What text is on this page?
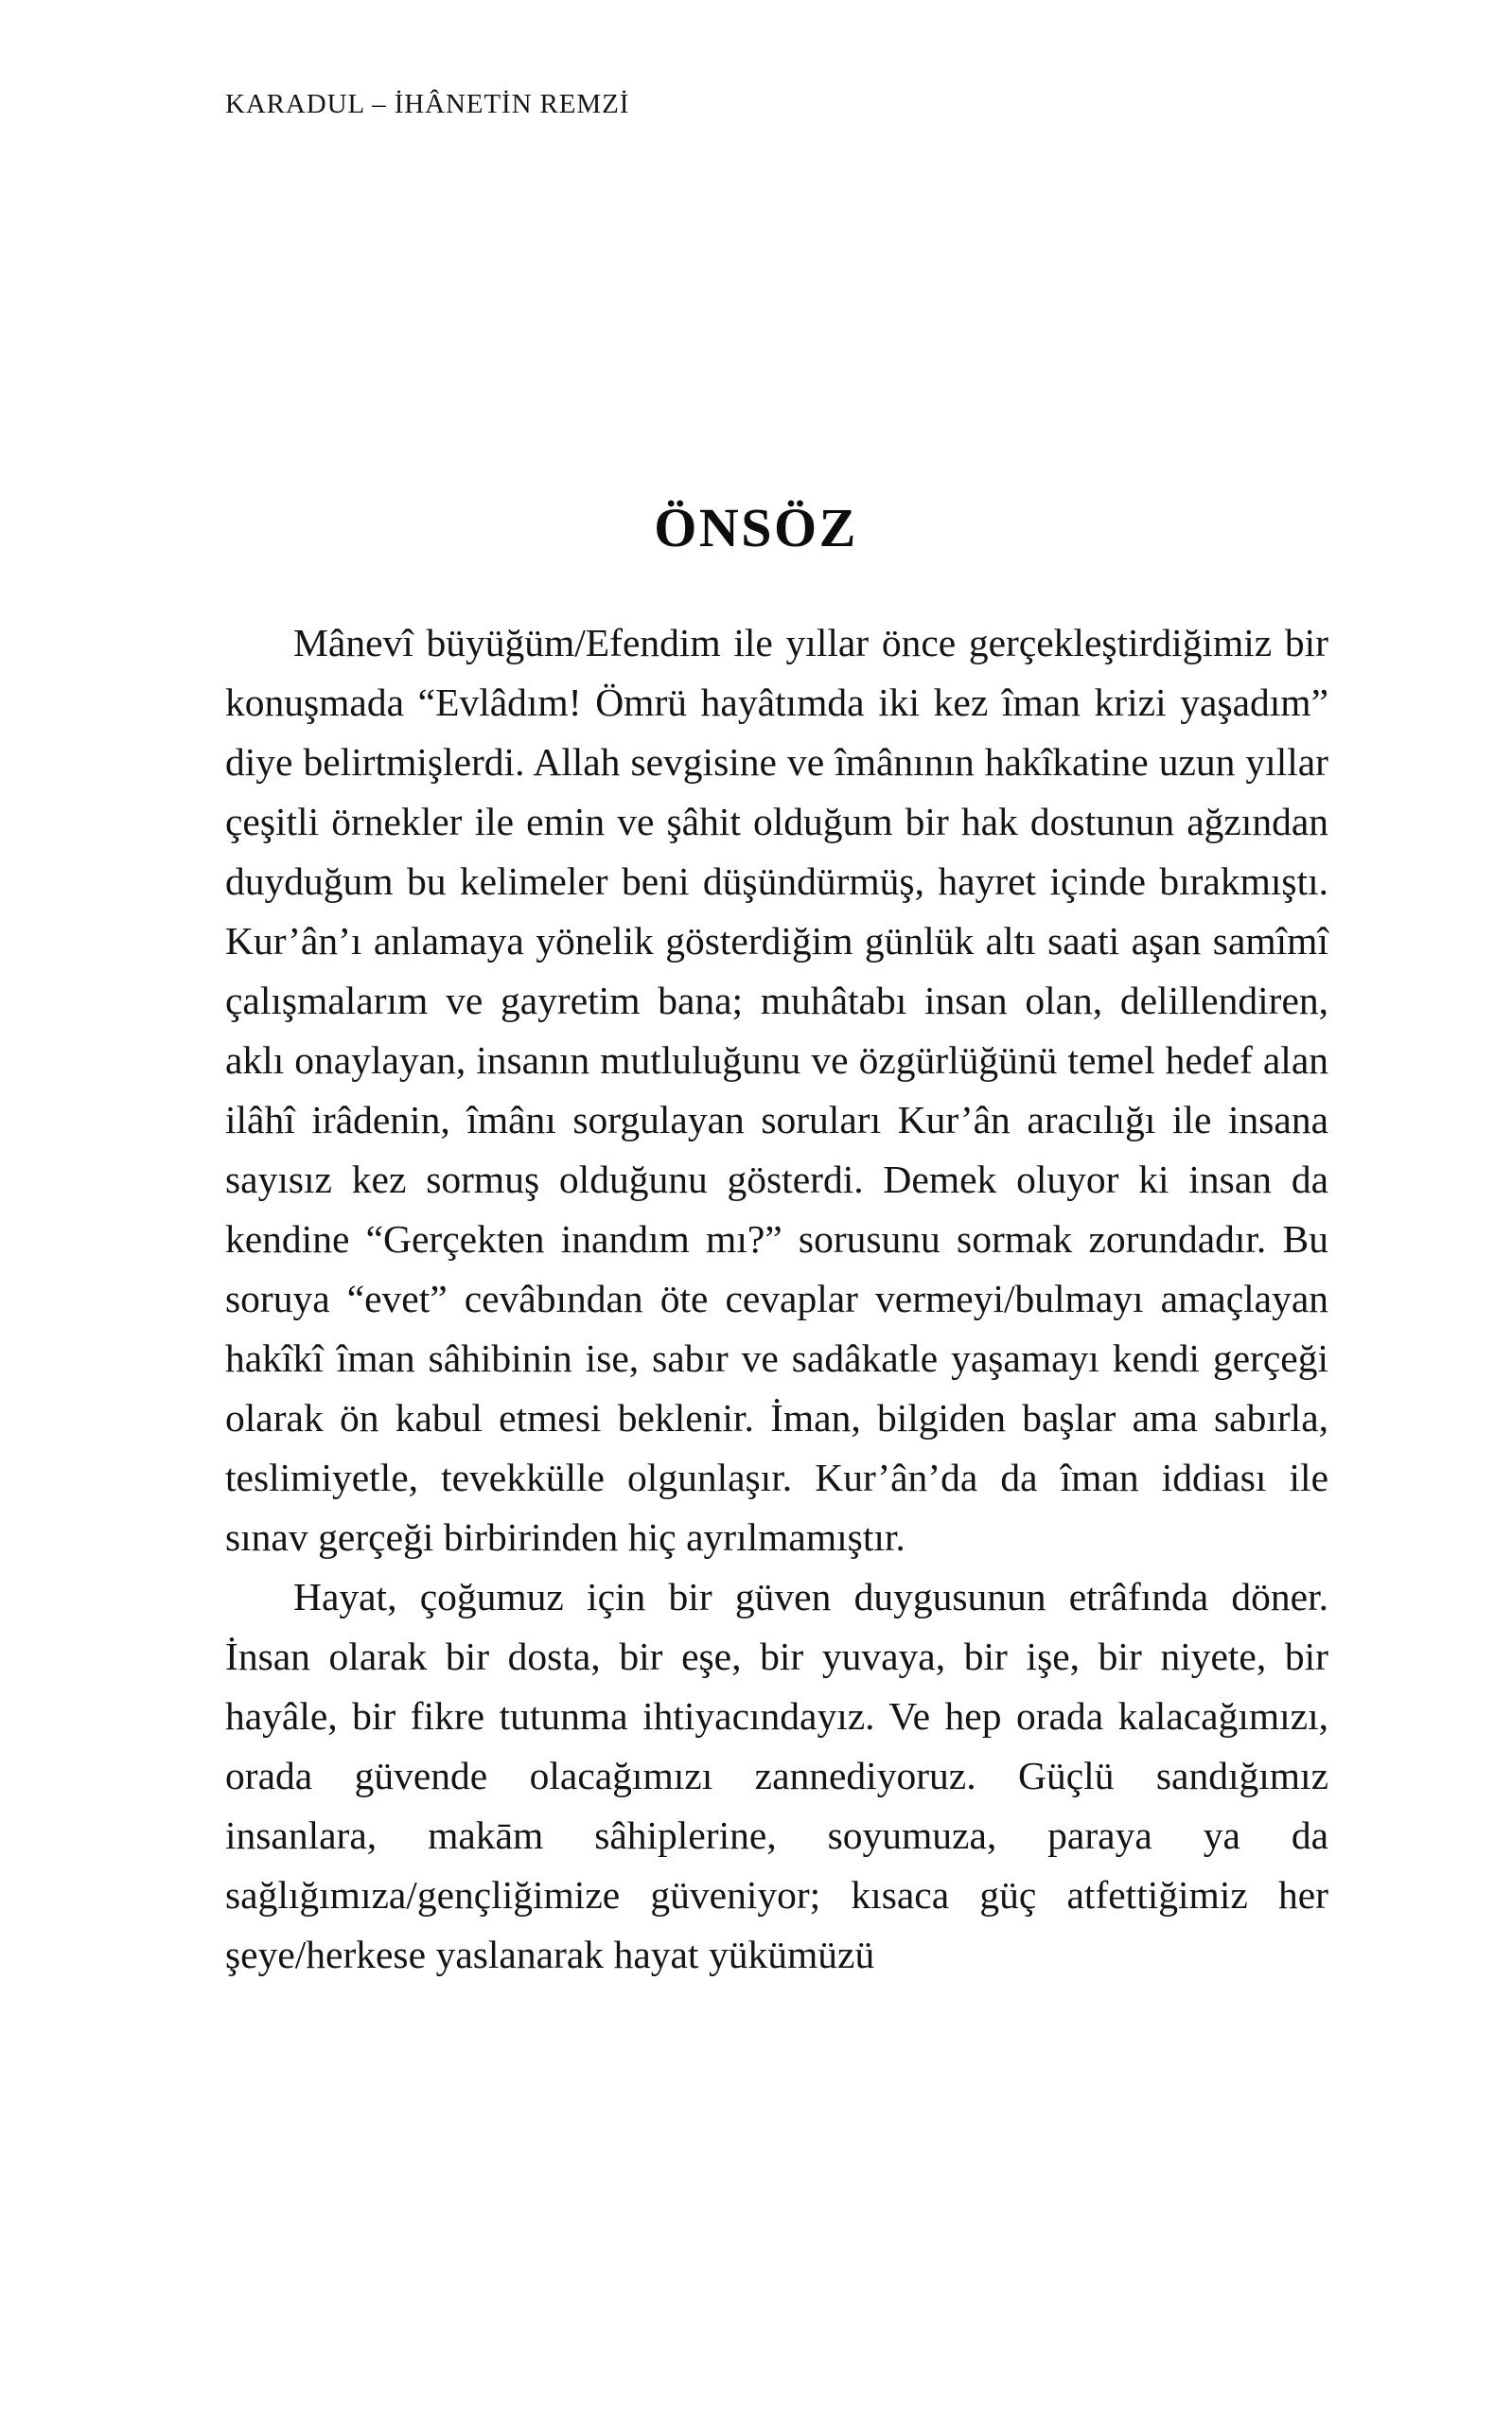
KARADUL – İHÂNETİN REMZİ
ÖNSÖZ

Mânevî büyüğüm/Efendim ile yıllar önce gerçekleştirdiğimiz bir konuşmada “Evlâdım! Ömrü hayâtımda iki kez îman krizi yaşadım” diye belirtmişlerdi. Allah sevgisine ve îmânının hakîkatine uzun yıllar çeşitli örnekler ile emin ve şâhit olduğum bir hak dostunun ağzından duyduğum bu kelimeler beni düşündürmüş, hayret içinde bırakmıştı. Kur’ân’ı anlamaya yönelik gösterdiğim günlük altı saati aşan samîmî çalışmalarım ve gayretim bana; muhâtabı insan olan, delillendiren, aklı onaylayan, insanın mutluluğunu ve özgürlüğünü temel hedef alan ilâhî irâdenin, îmânı sorgulayan soruları Kur’ân aracılığı ile insana sayısız kez sormuş olduğunu gösterdi. Demek oluyor ki insan da kendine “Gerçekten inandım mı?” sorusunu sormak zorundadır. Bu soruya “evet” cevâbından öte cevaplar vermeyi/bulmayı amaçlayan hakîkî îman sâhibinin ise, sabır ve sadâkatle yaşamayı kendi gerçeği olarak ön kabul etmesi beklenir. İman, bilgiden başlar ama sabırla, teslimiyetle, tevekkülle olgunlaşır. Kur’ân’da da îman iddiası ile sınav gerçeği birbirinden hiç ayrılmamıştır.

Hayat, çoğumuz için bir güven duygusunun etrâfında döner. İnsan olarak bir dosta, bir eşe, bir yuvaya, bir işe, bir niyete, bir hayâle, bir fikre tutunma ihtiyacındayız. Ve hep orada kalacağımızı, orada güvende olacağımızı zannediyoruz. Güçlü sandığımız insanlara, makām sâhiplerine, soyumuza, paraya ya da sağlığımıza/gençliğimize güveniyor; kısaca güç atfettiğimiz her şeye/herkese yaslanarak hayat yükümüzü
